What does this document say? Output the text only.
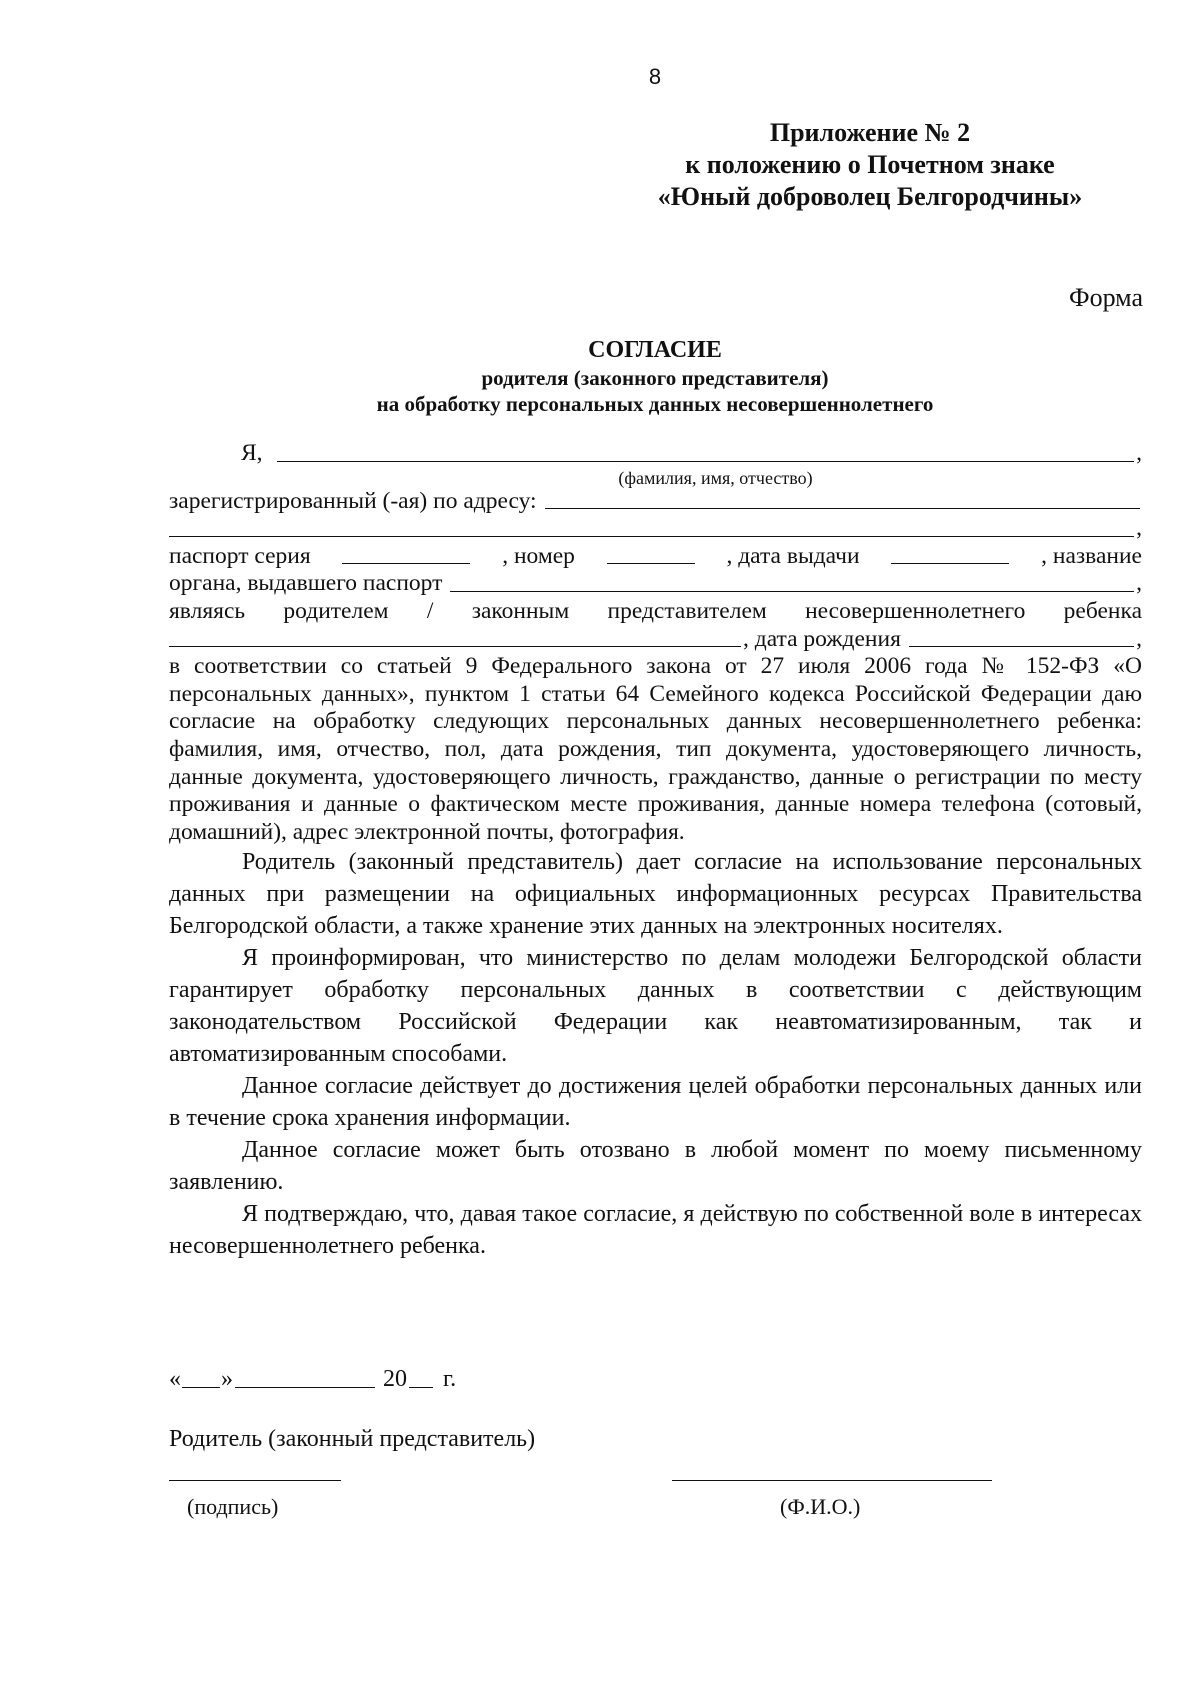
8
Приложение № 2
к положению о Почетном знаке
«Юный доброволец Белгородчины»
Форма
СОГЛАСИЕ
родителя (законного представителя)
на обработку персональных данных несовершеннолетнего
Я,	,
(фамилия, имя, отчество)
зарегистрированный (-ая) по адресу:
,
паспорт серия	, номер	, дата выдачи	, название
органа, выдавшего паспорт	,
являясь родителем / законным представителем несовершеннолетнего ребенка
, дата рождения	,
в соответствии со статьей 9 Федерального закона от 27 июля 2006 года № 152-ФЗ «О персональных данных», пунктом 1 статьи 64 Семейного кодекса Российской Федерации даю согласие на обработку следующих персональных данных несовершеннолетнего ребенка: фамилия, имя, отчество, пол, дата рождения, тип документа, удостоверяющего личность, данные документа, удостоверяющего личность, гражданство, данные о регистрации по месту проживания и данные о фактическом месте проживания, данные номера телефона (сотовый, домашний), адрес электронной почты, фотография.
Родитель (законный представитель) дает согласие на использование персональных данных при размещении на официальных информационных ресурсах Правительства Белгородской области, а также хранение этих данных на электронных носителях.
Я проинформирован, что министерство по делам молодежи Белгородской области гарантирует обработку персональных данных в соответствии с действующим законодательством Российской Федерации как неавтоматизированным, так и автоматизированным способами.
Данное согласие действует до достижения целей обработки персональных данных или в течение срока хранения информации.
Данное согласие может быть отозвано в любой момент по моему письменному заявлению.
Я подтверждаю, что, давая такое согласие, я действую по собственной воле в интересах несовершеннолетнего ребенка.
« »	20 г.
Родитель (законный представитель)
(подпись)	(Ф.И.О.)
